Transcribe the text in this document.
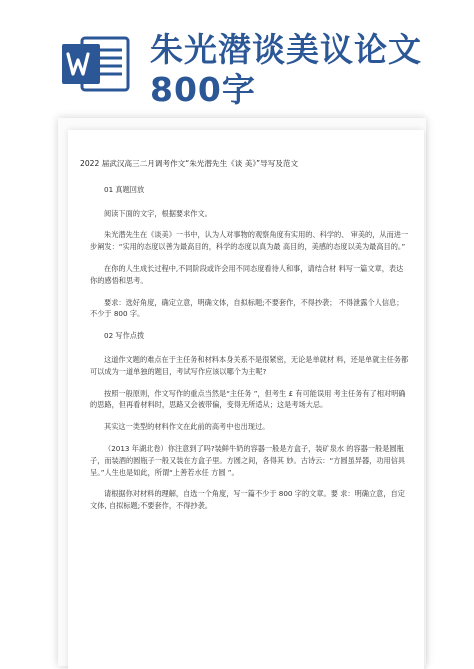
朱光潜谈美议论文
800字
2022 届武汉高三二月调考作文“朱光潜先生《谈 美》”导写及范文
01 真题回放
阅读下面的文字，根据要求作文。
朱光潜先生在《谈美》一书中，认为人对事物的观察角度有实用的、科学的、 审美的，从而进一步阐发：“实用的态度以善为最高目的，科学的态度以真为最 高目的，美感的态度以美为最高目的。”
在你的人生成长过程中,不同阶段或许会用不同态度看待人和事，请结合材 料写一篇文章，表达你的感悟和思考。
要求：选好角度，确定立意，明确文体，自拟标题;不要套作，不得抄袭； 不得泄露个人信息；不少于 800 字。
02 写作点拨
这道作文题的难点在于主任务和材料本身关系不是很紧密，无论是单就材 料，还是单就主任务都可以成为一道单独的题目，考试写作应该以哪个为主呢?
按照一般原则，作文写作的重点当然是“主任务 ”，但考生 £ 有可能误用 考主任务有了相对明确的思路，但再看材料时，思路又会被带偏，变得无所适从；这是考场大忌。
其实这一类型的材料作文在此前的高考中也出现过。
（2013 年湖北卷）你注意到了吗?装鲜牛奶的容器一般是方盒子，装矿泉水 的容器一般是圆瓶子，而装酒的圆瓶子一般又装在方盒子里。方圆之间，各得其 妙。古诗云：“方圆虽异器，功用信具呈。”人生也是如此，所谓“上善若水任 方圆 ”。
请根据你对材料的理解，自选一个角度，写一篇不少于 800 字的文章。要 求：明确立意，自定文体, 自拟标题;不要套作，不得抄袭。
